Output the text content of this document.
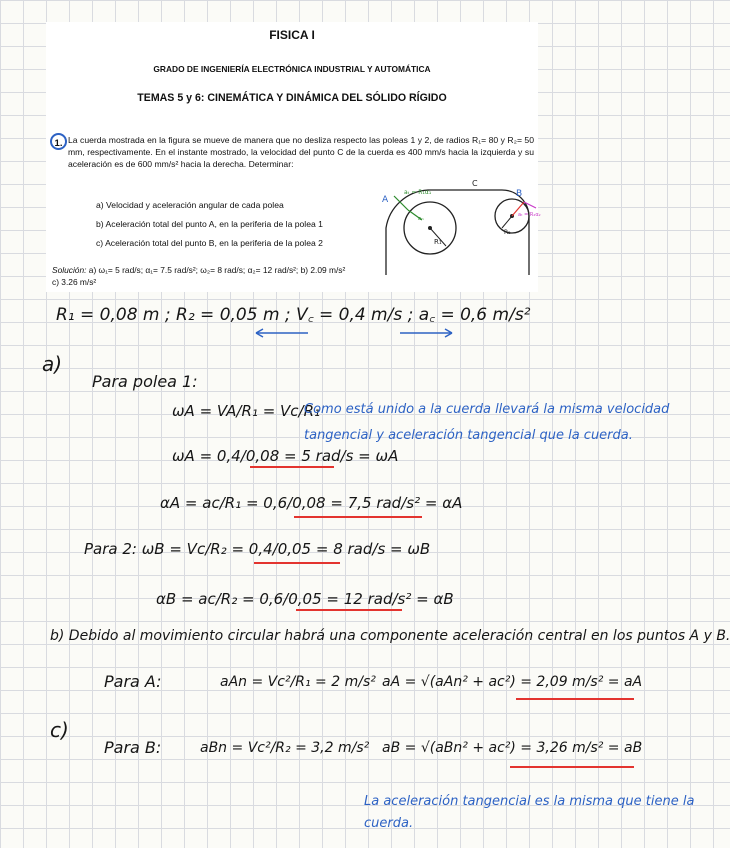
FISICA I
GRADO DE INGENIERÍA ELECTRÓNICA INDUSTRIAL Y AUTOMÁTICA
TEMAS 5 y 6: CINEMÁTICA Y DINÁMICA DEL SÓLIDO RÍGIDO
1. La cuerda mostrada en la figura se mueve de manera que no desliza respecto las poleas 1 y 2, de radios R₁= 80 y R₂= 50 mm, respectivamente. En el instante mostrado, la velocidad del punto C de la cuerda es 400 mm/s hacia la izquierda y su aceleración es de 600 mm/s² hacia la derecha. Determinar:
a) Velocidad y aceleración angular de cada polea
b) Aceleración total del punto A, en la periferia de la polea 1
c) Aceleración total del punto B, en la periferia de la polea 2
Solución: a) ω₁= 5 rad/s; α₁= 7.5 rad/s²; ω₂= 8 rad/s; α₂= 12 rad/s²; b) 2.09 m/s² c) 3.26 m/s²
A
B
C
R₁
R₂
aₜ = R₁α₁
aₙ
aₜ = R₂α₂
R₁ = 0,08 m ; R₂ = 0,05 m ; V꜀ = 0,4 m/s ; a꜀ = 0,6 m/s²
a)
Para polea 1:
ωA = VA/R₁ = Vc/R₁
ωA = 0,4/0,08 = 5 rad/s = ωA
Como está unido a la cuerda llevará la misma velocidad
tangencial y aceleración tangencial que la cuerda.
αA = ac/R₁ = 0,6/0,08 = 7,5 rad/s² = αA
Para 2: ωB = Vc/R₂ = 0,4/0,05 = 8 rad/s = ωB
αB = ac/R₂ = 0,6/0,05 = 12 rad/s² = αB
b) Debido al movimiento circular habrá una componente aceleración central en los puntos A y B.
Para A:	aAn = Vc²/R₁ = 2 m/s² aA = √(aAn² + ac²) = 2,09 m/s² = aA
c)
Para B:	aBn = Vc²/R₂ = 3,2 m/s² aB = √(aBn² + ac²) = 3,26 m/s² = aB
La aceleración tangencial es la misma que tiene la
cuerda.
